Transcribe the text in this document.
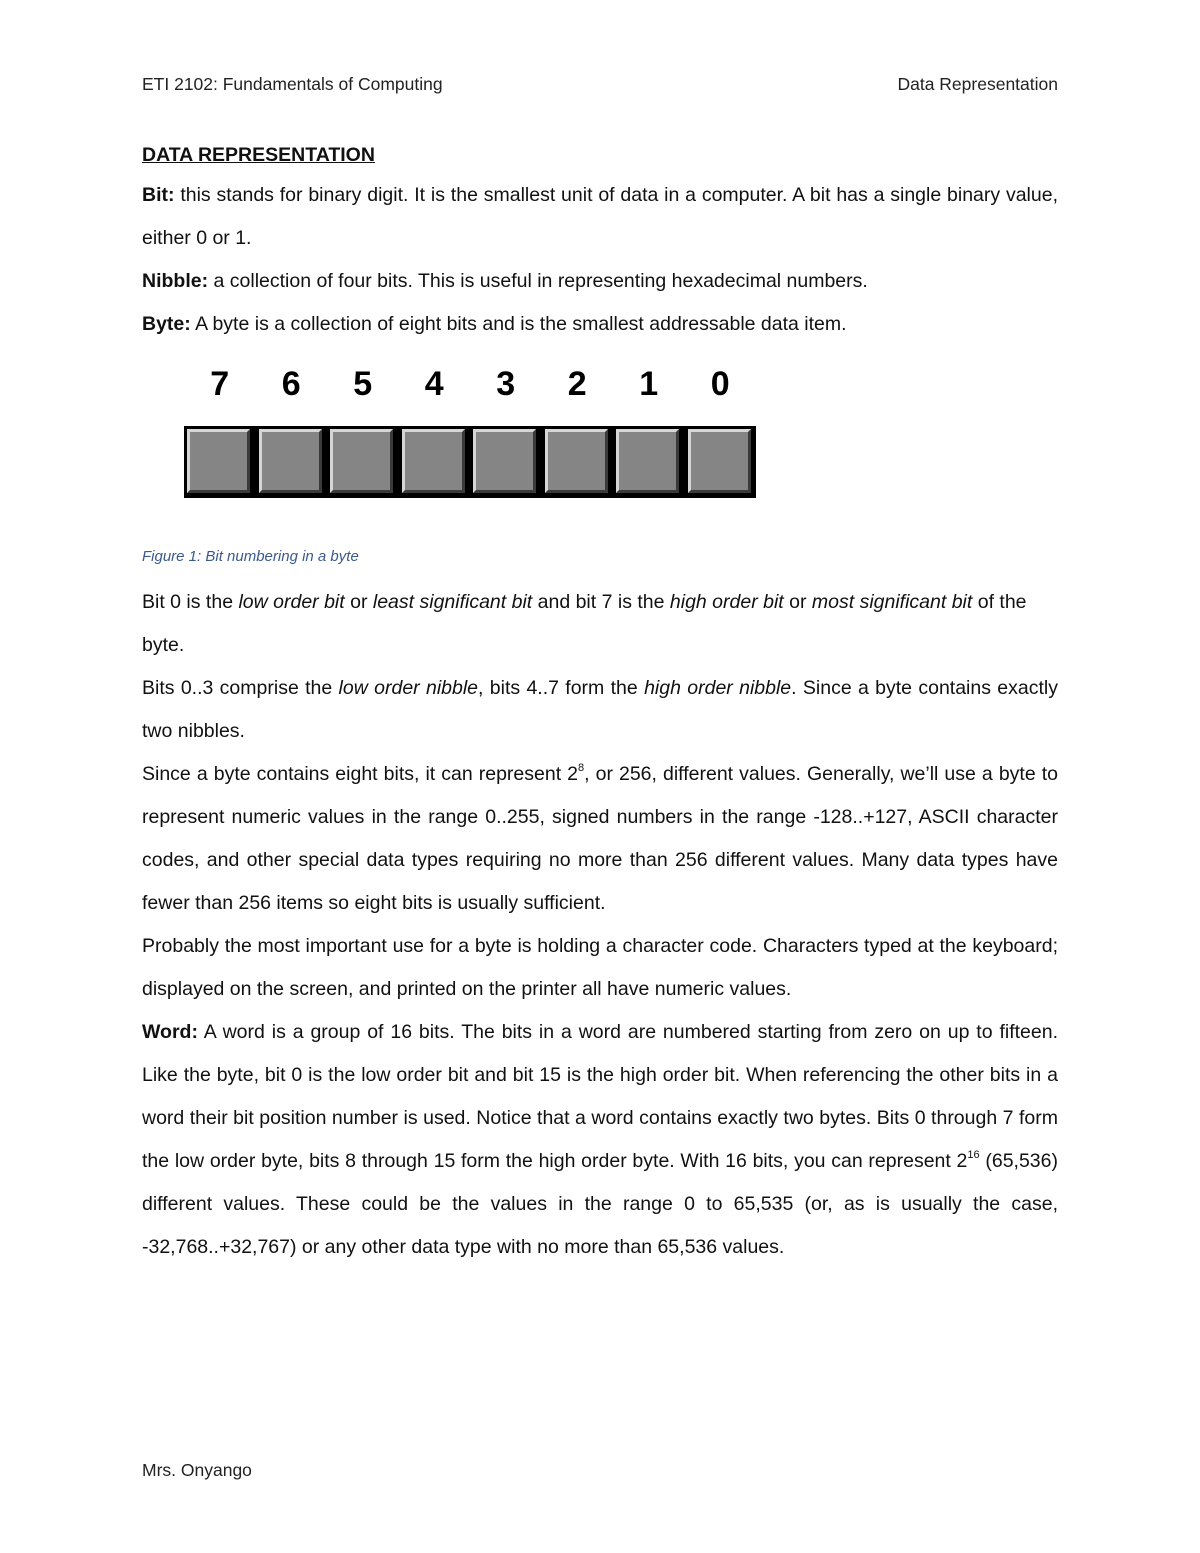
ETI 2102: Fundamentals of Computing	Data Representation

DATA REPRESENTATION

Bit: this stands for binary digit. It is the smallest unit of data in a computer. A bit has a single binary value, either 0 or 1.

Nibble: a collection of four bits. This is useful in representing hexadecimal numbers.

Byte: A byte is a collection of eight bits and is the smallest addressable data item.

7	6	5	4	3	2	1	0

Figure 1: Bit numbering in a byte

Bit 0 is the low order bit or least significant bit and bit 7 is the high order bit or most significant bit of the byte.

Bits 0..3 comprise the low order nibble, bits 4..7 form the high order nibble. Since a byte contains exactly two nibbles.

Since a byte contains eight bits, it can represent $2^8$, or 256, different values. Generally, we’ll use a byte to represent numeric values in the range 0..255, signed numbers in the range -128..+127, ASCII character codes, and other special data types requiring no more than 256 different values. Many data types have fewer than 256 items so eight bits is usually sufficient.

Probably the most important use for a byte is holding a character code. Characters typed at the keyboard; displayed on the screen, and printed on the printer all have numeric values.

Word: A word is a group of 16 bits. The bits in a word are numbered starting from zero on up to fifteen. Like the byte, bit 0 is the low order bit and bit 15 is the high order bit. When referencing the other bits in a word their bit position number is used. Notice that a word contains exactly two bytes. Bits 0 through 7 form the low order byte, bits 8 through 15 form the high order byte. With 16 bits, you can represent $2^{16}$ (65,536) different values. These could be the values in the range 0 to 65,535 (or, as is usually the case, -32,768..+32,767) or any other data type with no more than 65,536 values.

Mrs. Onyango
